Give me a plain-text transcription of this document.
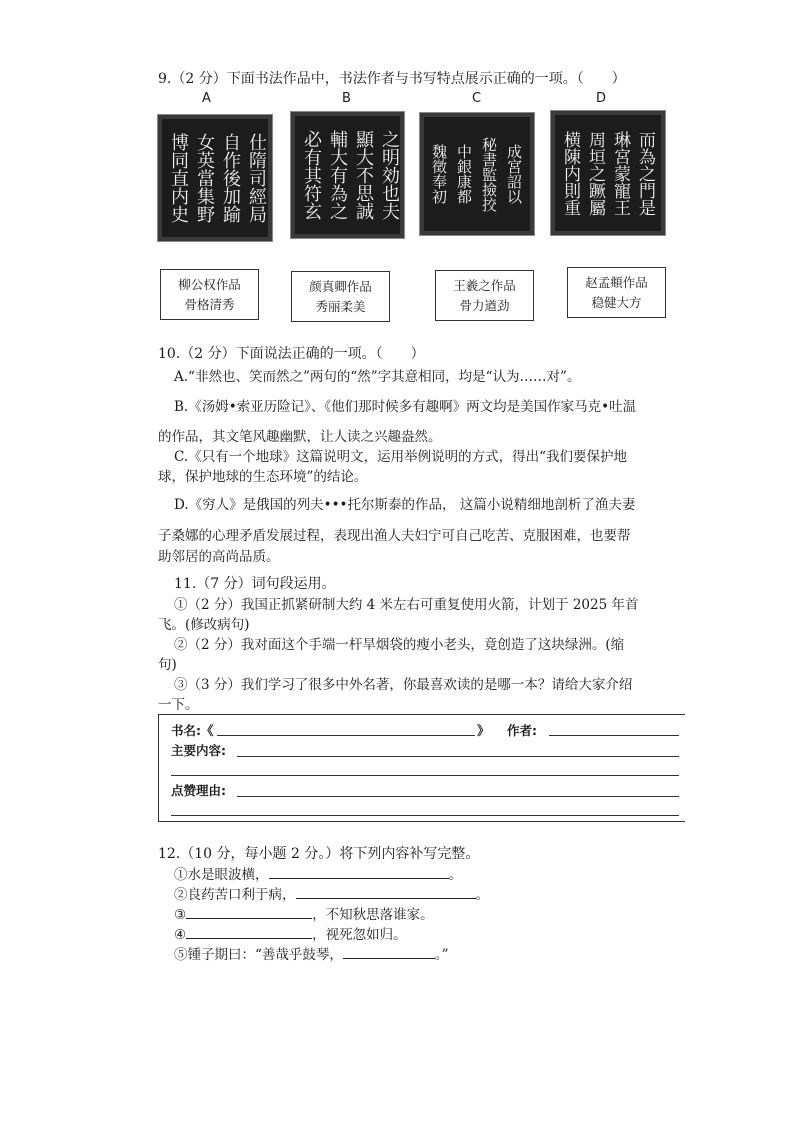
9.（2 分）下面书法作品中，书法作者与书写特点展示正确的一项。（　　）
A	B	C	D
仕隋司經局
自作後加踰
女英當集野
博同直内史	之明効也夫
顯大不思誠
輔大有為之
必有其符玄	成宮詔以
秘書監撿挍
中銀康都
魏徵奉初	而為之門是
琳宮蒙寵王
周垣之蹶屬
横陳内則重
柳公权作品
骨格清秀
颜真卿作品
秀丽柔美
王羲之作品
骨力遒劲
赵孟頫作品
稳健大方
10.（2 分）下面说法正确的一项。（　　）
A.“非然也、笑而然之”两句的“然”字其意相同，均是“认为……对”。
B.《汤姆•索亚历险记》、《他们那时候多有趣啊》两文均是美国作家马克•吐温
的作品，其文笔风趣幽默，让人读之兴趣盎然。
C.《只有一个地球》这篇说明文，运用举例说明的方式，得出“我们要保护地
球，保护地球的生态环境”的结论。
D.《穷人》是俄国的列夫•••托尔斯泰的作品， 这篇小说精细地剖析了渔夫妻
子桑娜的心理矛盾发展过程，表现出渔人夫妇宁可自己吃苦、克服困难，也要帮
助邻居的高尚品质。
11.（7 分）词句段运用。
①（2 分）我国正抓紧研制大约 4 米左右可重复使用火箭，计划于 2025 年首
飞。(修改病句)
②（2 分）我对面这个手端一杆旱烟袋的瘦小老头，竟创造了这块绿洲。(缩
句)
③（3 分）我们学习了很多中外名著，你最喜欢读的是哪一本？请给大家介绍
一下。
书名:《	》 作者:
主要内容:
点赞理由:
12.（10 分，每小题 2 分。）将下列内容补写完整。
①水是眼波横，	。
②良药苦口利于病，	。
③	，不知秋思落谁家。
④	，视死忽如归。
⑤锺子期曰：“善哉乎鼓琴，	。”
